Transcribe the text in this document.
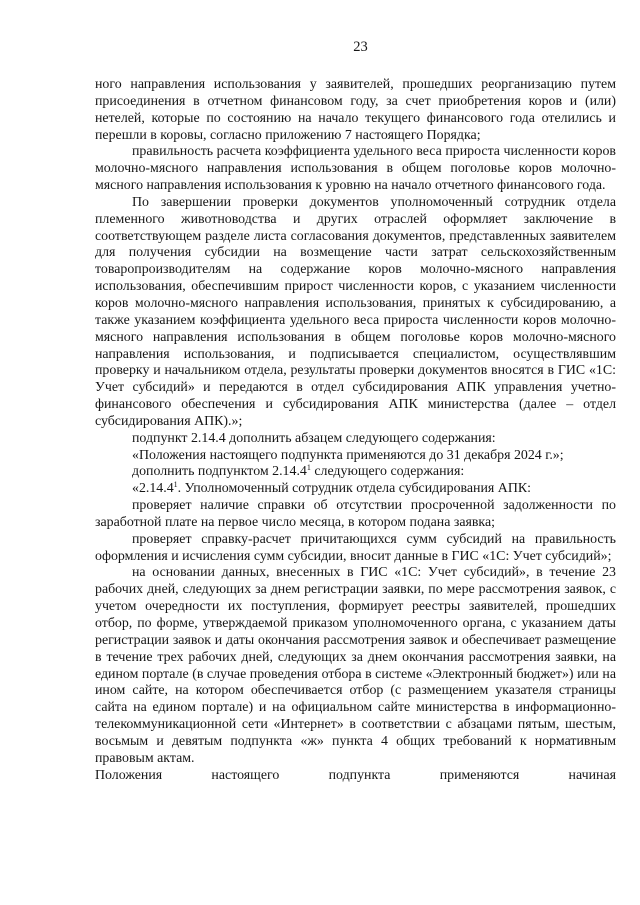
23

ного направления использования у заявителей, прошедших реорганизацию путем присоединения в отчетном финансовом году, за счет приобретения коров и (или) нетелей, которые по состоянию на начало текущего финансового года отелились и перешли в коровы, согласно приложению 7 настоящего Порядка;

правильность расчета коэффициента удельного веса прироста численности коров молочно-мясного направления использования в общем поголовье коров молочно-мясного направления использования к уровню на начало отчетного финансового года.

По завершении проверки документов уполномоченный сотрудник отдела племенного животноводства и других отраслей оформляет заключение в соответствующем разделе листа согласования документов, представленных заявителем для получения субсидии на возмещение части затрат сельскохозяйственным товаропроизводителям на содержание коров молочно-мясного направления использования, обеспечившим прирост численности коров, с указанием численности коров молочно-мясного направления использования, принятых к субсидированию, а также указанием коэффициента удельного веса прироста численности коров молочно-мясного направления использования в общем поголовье коров молочно-мясного направления использования, и подписывается специалистом, осуществлявшим проверку и начальником отдела, результаты проверки документов вносятся в ГИС «1С: Учет субсидий» и передаются в отдел субсидирования АПК управления учетно-финансового обеспечения и субсидирования АПК министерства (далее – отдел субсидирования АПК).»;

подпункт 2.14.4 дополнить абзацем следующего содержания:

«Положения настоящего подпункта применяются до 31 декабря 2024 г.»;

дополнить подпунктом 2.14.4$^1$ следующего содержания:

«2.14.4$^1$. Уполномоченный сотрудник отдела субсидирования АПК:

проверяет наличие справки об отсутствии просроченной задолженности по заработной плате на первое число месяца, в котором подана заявка;

проверяет справку-расчет причитающихся сумм субсидий на правильность оформления и исчисления сумм субсидии, вносит данные в ГИС «1С: Учет субсидий»;

на основании данных, внесенных в ГИС «1С: Учет субсидий», в течение 23 рабочих дней, следующих за днем регистрации заявки, по мере рассмотрения заявок, с учетом очередности их поступления, формирует реестры заявителей, прошедших отбор, по форме, утверждаемой приказом уполномоченного органа, с указанием даты регистрации заявок и даты окончания рассмотрения заявок и обеспечивает размещение в течение трех рабочих дней, следующих за днем окончания рассмотрения заявки, на едином портале (в случае проведения отбора в системе «Электронный бюджет») или на ином сайте, на котором обеспечивается отбор (с размещением указателя страницы сайта на едином портале) и на официальном сайте министерства в информационно-телекоммуникационной сети «Интернет» в соответствии с абзацами пятым, шестым, восьмым и девятым подпункта «ж» пункта 4 общих требований к нормативным правовым актам.

Положения настоящего подпункта применяются начиная
